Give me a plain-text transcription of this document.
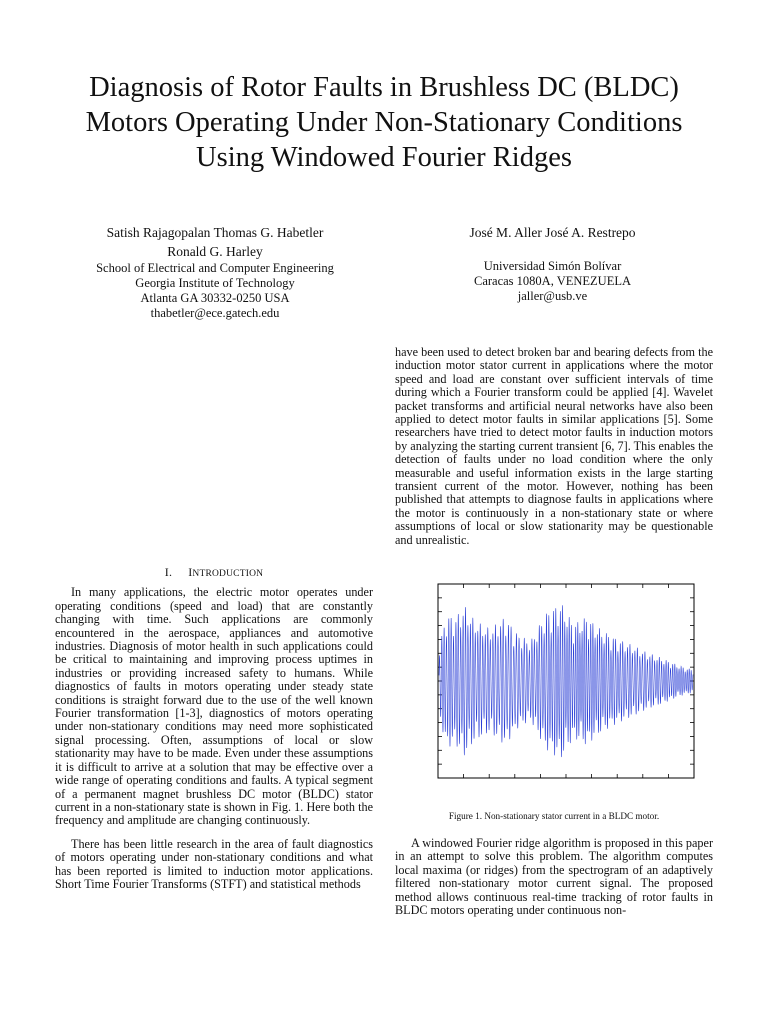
Diagnosis of Rotor Faults in Brushless DC (BLDC)
Motors Operating Under Non-Stationary Conditions
Using Windowed Fourier Ridges
Satish Rajagopalan Thomas G. Habetler
Ronald G. Harley
School of Electrical and Computer Engineering
Georgia Institute of Technology
Atlanta GA 30332-0250 USA
thabetler@ece.gatech.edu
José M. Aller José A. Restrepo
Universidad Simón Bolívar
Caracas 1080A, VENEZUELA
jaller@usb.ve

have been used to detect broken bar and bearing defects from the induction motor stator current in applications where the motor speed and load are constant over sufficient intervals of time during which a Fourier transform could be applied [4]. Wavelet packet transforms and artificial neural networks have also been applied to detect motor faults in similar applications [5]. Some researchers have tried to detect motor faults in induction motors by analyzing the starting current transient [6, 7]. This enables the detection of faults under no load condition where the only measurable and useful information exists in the large starting transient current of the motor. However, nothing has been published that attempts to diagnose faults in applications where the motor is continuously in a non-stationary state or where assumptions of local or slow stationarity may be questionable and unrealistic.

I. INTRODUCTION

In many applications, the electric motor operates under operating conditions (speed and load) that are constantly changing with time. Such applications are commonly encountered in the aerospace, appliances and automotive industries. Diagnosis of motor health in such applications could be critical to maintaining and improving process uptimes in industries or providing increased safety to humans. While diagnostics of faults in motors operating under steady state conditions is straight forward due to the use of the well known Fourier transformation [1-3], diagnostics of motors operating under non-stationary conditions may need more sophisticated signal processing. Often, assumptions of local or slow stationarity may have to be made. Even under these assumptions it is difficult to arrive at a solution that may be effective over a wide range of operating conditions and faults. A typical segment of a permanent magnet brushless DC motor (BLDC) stator current in a non-stationary state is shown in Fig. 1. Here both the frequency and amplitude are changing continuously.

There has been little research in the area of fault diagnostics of motors operating under non-stationary conditions and what has been reported is limited to induction motor applications. Short Time Fourier Transforms (STFT) and statistical methods

Figure 1. Non-stationary stator current in a BLDC motor.

A windowed Fourier ridge algorithm is proposed in this paper in an attempt to solve this problem. The algorithm computes local maxima (or ridges) from the spectrogram of an adaptively filtered non-stationary motor current signal. The proposed method allows continuous real-time tracking of rotor faults in BLDC motors operating under continuous non-
